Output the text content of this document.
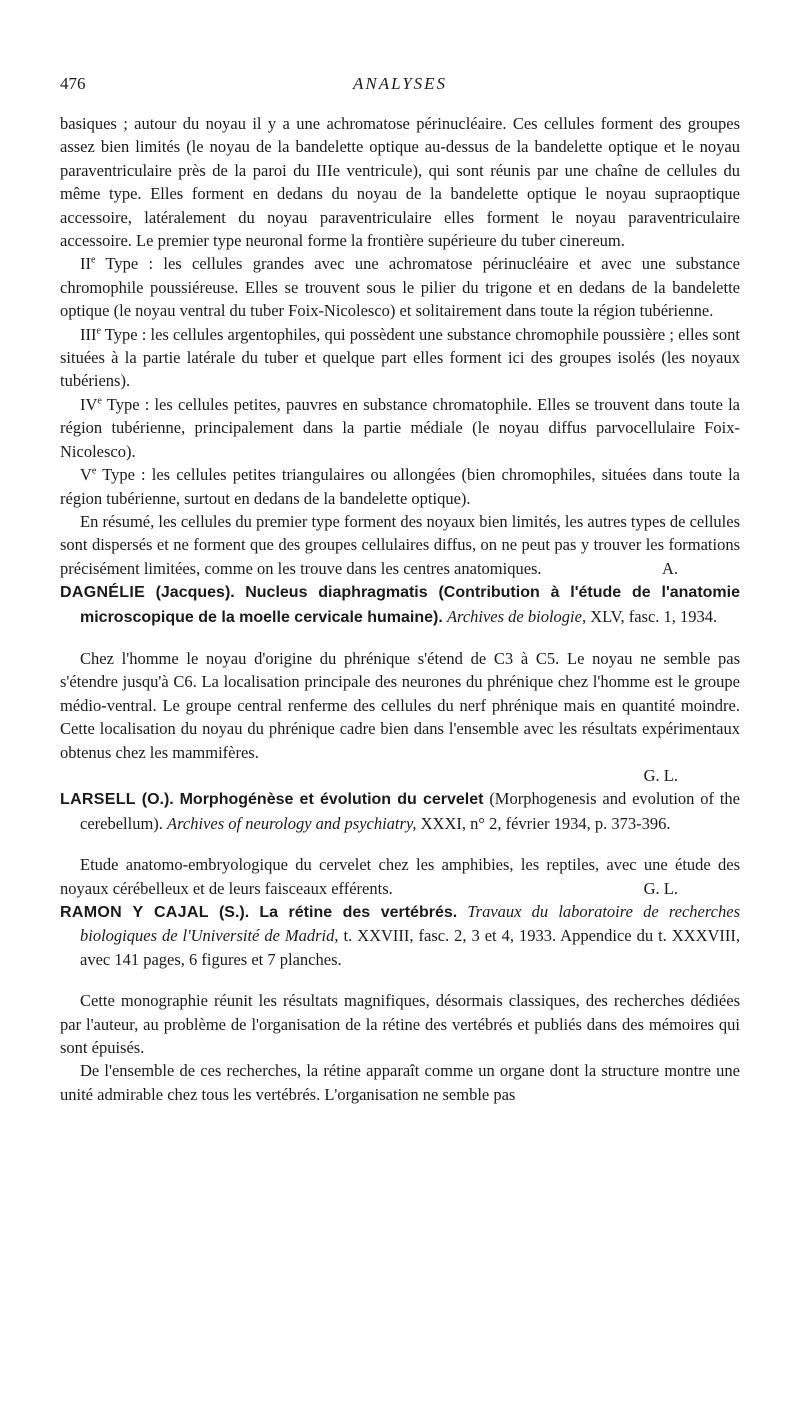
476	ANALYSES

basiques ; autour du noyau il y a une achromatose périnucléaire. Ces cellules forment des groupes assez bien limités (le noyau de la bandelette optique au-dessus de la bandelette optique et le noyau paraventriculaire près de la paroi du IIIe ventricule), qui sont réunis par une chaîne de cellules du même type. Elles forment en dedans du noyau de la bandelette optique le noyau supraoptique accessoire, latéralement du noyau paraventriculaire elles forment le noyau paraventriculaire accessoire. Le premier type neuronal forme la frontière supérieure du tuber cinereum.

IIe Type : les cellules grandes avec une achromatose périnucléaire et avec une substance chromophile poussiéreuse. Elles se trouvent sous le pilier du trigone et en dedans de la bandelette optique (le noyau ventral du tuber Foix-Nicolesco) et solitairement dans toute la région tubérienne.

IIIe Type : les cellules argentophiles, qui possèdent une substance chromophile poussière ; elles sont situées à la partie latérale du tuber et quelque part elles forment ici des groupes isolés (les noyaux tubériens).

IVe Type : les cellules petites, pauvres en substance chromatophile. Elles se trouvent dans toute la région tubérienne, principalement dans la partie médiale (le noyau diffus parvocellulaire Foix-Nicolesco).

Ve Type : les cellules petites triangulaires ou allongées (bien chromophiles, situées dans toute la région tubérienne, surtout en dedans de la bandelette optique).

En résumé, les cellules du premier type forment des noyaux bien limités, les autres types de cellules sont dispersés et ne forment que des groupes cellulaires diffus, on ne peut pas y trouver les formations précisément limitées, comme on les trouve dans les centres anatomiques.	A.

DAGNÉLIE (Jacques). Nucleus diaphragmatis (Contribution à l'étude de l'anatomie microscopique de la moelle cervicale humaine). Archives de biologie, XLV, fasc. 1, 1934.

Chez l'homme le noyau d'origine du phrénique s'étend de C3 à C5. Le noyau ne semble pas s'étendre jusqu'à C6. La localisation principale des neurones du phrénique chez l'homme est le groupe médio-ventral. Le groupe central renferme des cellules du nerf phrénique mais en quantité moindre. Cette localisation du noyau du phrénique cadre bien dans l'ensemble avec les résultats expérimentaux obtenus chez les mammifères.

G. L.

LARSELL (O.). Morphogénèse et évolution du cervelet (Morphogenesis and evolution of the cerebellum). Archives of neurology and psychiatry, XXXI, n° 2, février 1934, p. 373-396.

Etude anatomo-embryologique du cervelet chez les amphibies, les reptiles, avec une étude des noyaux cérébelleux et de leurs faisceaux efférents.	G. L.

RAMON Y CAJAL (S.). La rétine des vertébrés. Travaux du laboratoire de recherches biologiques de l'Université de Madrid, t. XXVIII, fasc. 2, 3 et 4, 1933. Appendice du t. XXXVIII, avec 141 pages, 6 figures et 7 planches.

Cette monographie réunit les résultats magnifiques, désormais classiques, des recherches dédiées par l'auteur, au problème de l'organisation de la rétine des vertébrés et publiés dans des mémoires qui sont épuisés.

De l'ensemble de ces recherches, la rétine apparaît comme un organe dont la structure montre une unité admirable chez tous les vertébrés. L'organisation ne semble pas
